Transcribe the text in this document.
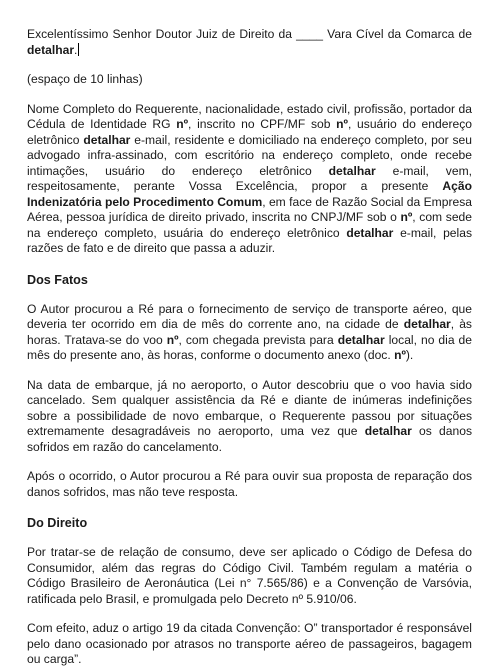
Excelentíssimo Senhor Doutor Juiz de Direito da ____ Vara Cível da Comarca de detalhar.

(espaço de 10 linhas)

Nome Completo do Requerente, nacionalidade, estado civil, profissão, portador da Cédula de Identidade RG nº, inscrito no CPF/MF sob nº, usuário do endereço eletrônico detalhar e-mail, residente e domiciliado na endereço completo, por seu advogado infra-assinado, com escritório na endereço completo, onde recebe intimações, usuário do endereço eletrônico detalhar e-mail, vem, respeitosamente, perante Vossa Excelência, propor a presente Ação Indenizatória pelo Procedimento Comum, em face de Razão Social da Empresa Aérea, pessoa jurídica de direito privado, inscrita no CNPJ/MF sob o nº, com sede na endereço completo, usuária do endereço eletrônico detalhar e-mail, pelas razões de fato e de direito que passa a aduzir.

Dos Fatos

O Autor procurou a Ré para o fornecimento de serviço de transporte aéreo, que deveria ter ocorrido em dia de mês do corrente ano, na cidade de detalhar, às horas. Tratava-se do voo nº, com chegada prevista para detalhar local, no dia de mês do presente ano, às horas, conforme o documento anexo (doc. nº).

Na data de embarque, já no aeroporto, o Autor descobriu que o voo havia sido cancelado. Sem qualquer assistência da Ré e diante de inúmeras indefinições sobre a possibilidade de novo embarque, o Requerente passou por situações extremamente desagradáveis no aeroporto, uma vez que detalhar os danos sofridos em razão do cancelamento.

Após o ocorrido, o Autor procurou a Ré para ouvir sua proposta de reparação dos danos sofridos, mas não teve resposta.

Do Direito

Por tratar-se de relação de consumo, deve ser aplicado o Código de Defesa do Consumidor, além das regras do Código Civil. Também regulam a matéria o Código Brasileiro de Aeronáutica (Lei n° 7.565/86) e a Convenção de Varsóvia, ratificada pelo Brasil, e promulgada pelo Decreto nº 5.910/06.

Com efeito, aduz o artigo 19 da citada Convenção: O” transportador é responsável pelo dano ocasionado por atrasos no transporte aéreo de passageiros, bagagem ou carga”.
